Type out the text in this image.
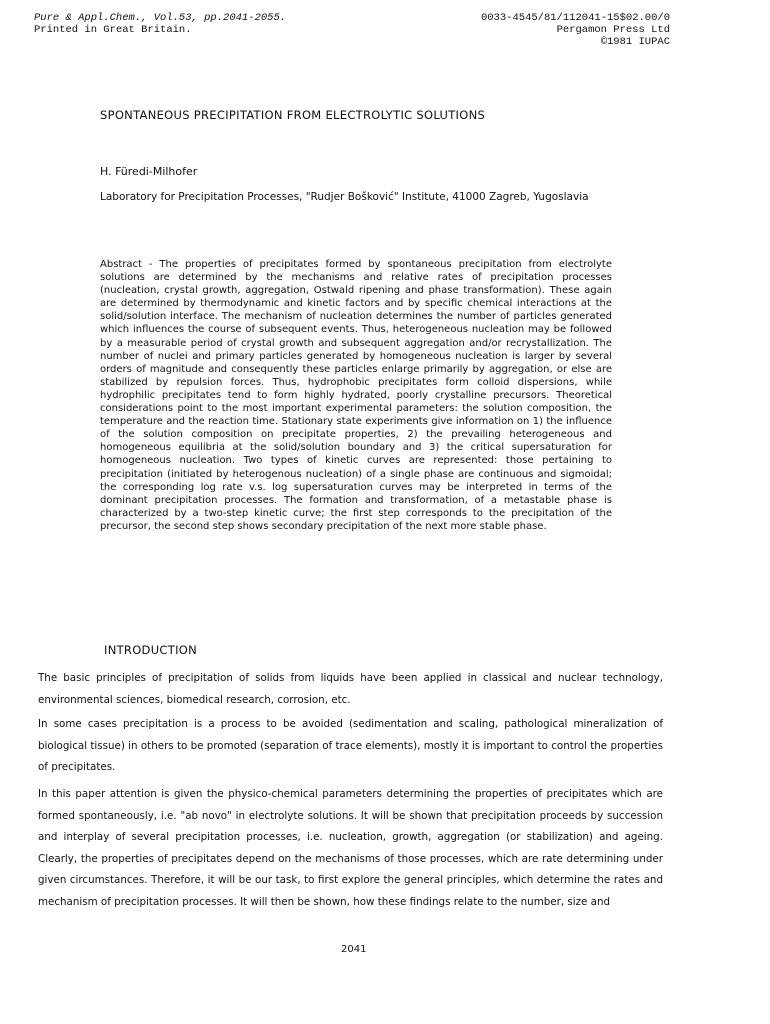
Pure & Appl.Chem., Vol.53, pp.2041-2055.
Printed in Great Britain.
0033-4545/81/112041-15$02.00/0
Pergamon Press Ltd
©1981 IUPAC
SPONTANEOUS PRECIPITATION FROM ELECTROLYTIC SOLUTIONS
H. Füredi-Milhofer
Laboratory for Precipitation Processes, "Rudjer Bošković" Institute, 41000 Zagreb, Yugoslavia
Abstract - The properties of precipitates formed by spontaneous precipitation from electrolyte solutions are determined by the mechanisms and relative rates of precipitation processes (nucleation, crystal growth, aggregation, Ostwald ripening and phase transformation). These again are determined by thermodynamic and kinetic factors and by specific chemical interactions at the solid/solution interface. The mechanism of nucleation determines the number of particles generated which influences the course of subsequent events. Thus, heterogeneous nucleation may be followed by a measurable period of crystal growth and subsequent aggregation and/or recrystallization. The number of nuclei and primary particles generated by homogeneous nucleation is larger by several orders of magnitude and consequently these particles enlarge primarily by aggregation, or else are stabilized by repulsion forces. Thus, hydrophobic precipitates form colloid dispersions, while hydrophilic precipitates tend to form highly hydrated, poorly crystalline precursors. Theoretical considerations point to the most important experimental parameters: the solution composition, the temperature and the reaction time. Stationary state experiments give information on 1) the influence of the solution composition on precipitate properties, 2) the prevailing heterogeneous and homogeneous equilibria at the solid/solution boundary and 3) the critical supersaturation for homogeneous nucleation. Two types of kinetic curves are represented: those pertaining to precipitation (initiated by heterogenous nucleation) of a single phase are continuous and sigmoidal; the corresponding log rate v.s. log supersaturation curves may be interpreted in terms of the dominant precipitation processes. The formation and transformation, of a metastable phase is characterized by a two-step kinetic curve; the first step corresponds to the precipitation of the precursor, the second step shows secondary precipitation of the next more stable phase.
INTRODUCTION
The basic principles of precipitation of solids from liquids have been applied in classical and nuclear technology, environmental sciences, biomedical research, corrosion, etc.
In some cases precipitation is a process to be avoided (sedimentation and scaling, pathological mineralization of biological tissue) in others to be promoted (separation of trace elements), mostly it is important to control the properties of precipitates.
In this paper attention is given the physico-chemical parameters determining the properties of precipitates which are formed spontaneously, i.e. "ab novo" in electrolyte solutions. It will be shown that precipitation proceeds by succession and interplay of several precipitation processes, i.e. nucleation, growth, aggregation (or stabilization) and ageing. Clearly, the properties of precipitates depend on the mechanisms of those processes, which are rate determining under given circumstances. Therefore, it will be our task, to first explore the general principles, which determine the rates and mechanism of precipitation processes. It will then be shown, how these findings relate to the number, size and
2041
